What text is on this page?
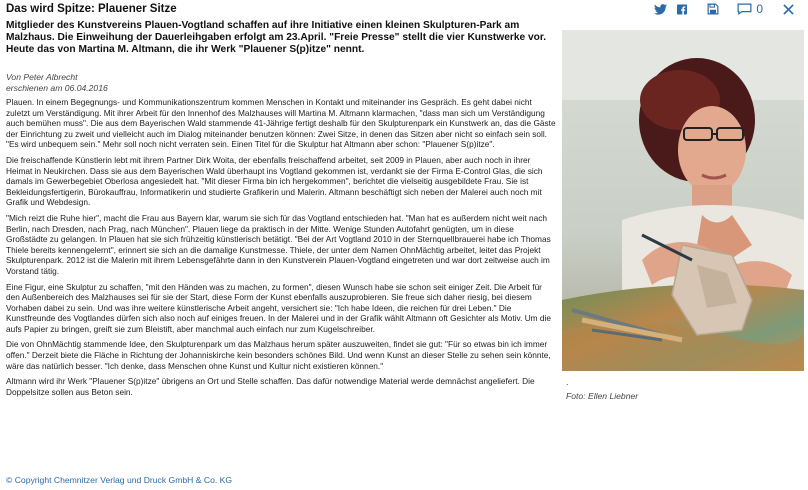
Das wird Spitze: Plauener Sitze	0
Mitglieder des Kunstvereins Plauen-Vogtland schaffen auf ihre Initiative einen kleinen Skulpturen-Park am Malzhaus. Die Einweihung der Dauerleihgaben erfolgt am 23.April. "Freie Presse" stellt die vier Kunstwerke vor. Heute das von Martina M. Altmann, die ihr Werk "Plauener S(p)itze" nennt.
Von Peter Albrecht
erschienen am 06.04.2016

Plauen. In einem Begegnungs- und Kommunikationszentrum kommen Menschen in Kontakt und miteinander ins Gespräch. Es geht dabei nicht zuletzt um Verständigung. Mit ihrer Arbeit für den Innenhof des Malzhauses will Martina M. Altmann klarmachen, "dass man sich um Verständigung auch bemühen muss". Die aus dem Bayerischen Wald stammende 41-Jährige fertigt deshalb für den Skulpturenpark ein Kunstwerk an, das die Gäste der Einrichtung zu zweit und vielleicht auch im Dialog miteinander benutzen können: Zwei Sitze, in denen das Sitzen aber nicht so einfach sein soll. "Es wird unbequem sein." Mehr soll noch nicht verraten sein. Einen Titel für die Skulptur hat Altmann aber schon: "Plauener S(p)itze".

Die freischaffende Künstlerin lebt mit ihrem Partner Dirk Woita, der ebenfalls freischaffend arbeitet, seit 2009 in Plauen, aber auch noch in ihrer Heimat in Neukirchen. Dass sie aus dem Bayerischen Wald überhaupt ins Vogtland gekommen ist, verdankt sie der Firma E-Control Glas, die sich damals im Gewerbegebiet Oberlosa angesiedelt hat. "Mit dieser Firma bin ich hergekommen", berichtet die vielseitig ausgebildete Frau. Sie ist Bekleidungsfertigerin, Bürokauffrau, Informatikerin und studierte Grafikerin und Malerin. Altmann beschäftigt sich neben der Malerei auch noch mit Grafik und Webdesign.

"Mich reizt die Ruhe hier", macht die Frau aus Bayern klar, warum sie sich für das Vogtland entschieden hat. "Man hat es außerdem nicht weit nach Berlin, nach Dresden, nach Prag, nach München". Plauen liege da praktisch in der Mitte. Wenige Stunden Autofahrt genügten, um in diese Großstädte zu gelangen. In Plauen hat sie sich frühzeitig künstlerisch betätigt. "Bei der Art Vogtland 2010 in der Sternquellbrauerei habe ich Thomas Thiele bereits kennengelernt", erinnert sie sich an die damalige Kunstmesse. Thiele, der unter dem Namen OhnMächtig arbeitet, leitet das Projekt Skulpturenpark. 2012 ist die Malerin mit ihrem Lebensgefährte dann in den Kunstverein Plauen-Vogtland eingetreten und war dort zeitweise auch im Vorstand tätig.

Eine Figur, eine Skulptur zu schaffen, "mit den Händen was zu machen, zu formen", diesen Wunsch habe sie schon seit einiger Zeit. Die Arbeit für den Außenbereich des Malzhauses sei für sie der Start, diese Form der Kunst ebenfalls auszuprobieren. Sie freue sich daher riesig, bei diesem Vorhaben dabei zu sein. Und was ihre weitere künstlerische Arbeit angeht, versichert sie: "Ich habe Ideen, die reichen für drei Leben." Die Kunstfreunde des Vogtlandes dürfen sich also noch auf einiges freuen. In der Malerei und in der Grafik wählt Altmann oft Gesichter als Motiv. Um die aufs Papier zu bringen, greift sie zum Bleistift, aber manchmal auch einfach nur zum Kugelschreiber.

Die von OhnMächtig stammende Idee, den Skulpturenpark um das Malzhaus herum später auszuweiten, findet sie gut: "Für so etwas bin ich immer offen." Derzeit biete die Fläche in Richtung der Johanniskirche kein besonders schönes Bild. Und wenn Kunst an dieser Stelle zu sehen sein könnte, wäre das natürlich besser. "Ich denke, dass Menschen ohne Kunst und Kultur nicht existieren können."

Altmann wird ihr Werk "Plauener S(p)itze" übrigens an Ort und Stelle schaffen. Das dafür notwendige Material werde demnächst angeliefert. Die Doppelsitze sollen aus Beton sein.

.
Foto: Ellen Liebner
© Copyright Chemnitzer Verlag und Druck GmbH & Co. KG
